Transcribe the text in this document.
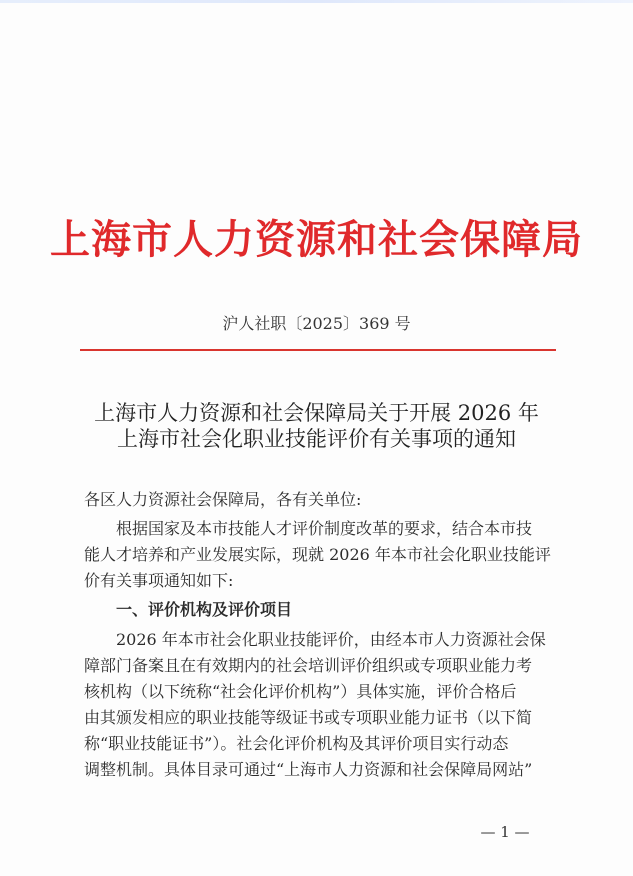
上海市人力资源和社会保障局
沪人社职〔2025〕369 号
上海市人力资源和社会保障局关于开展 2026 年
上海市社会化职业技能评价有关事项的通知
各区人力资源社会保障局，各有关单位:
根据国家及本市技能人才评价制度改革的要求，结合本市技
能人才培养和产业发展实际，现就 2026 年本市社会化职业技能评
价有关事项通知如下:
一、评价机构及评价项目
2026 年本市社会化职业技能评价，由经本市人力资源社会保
障部门备案且在有效期内的社会培训评价组织或专项职业能力考
核机构（以下统称“社会化评价机构”）具体实施，评价合格后
由其颁发相应的职业技能等级证书或专项职业能力证书（以下简
称“职业技能证书”）。社会化评价机构及其评价项目实行动态
调整机制。具体目录可通过“上海市人力资源和社会保障局网站”
— 1 —
